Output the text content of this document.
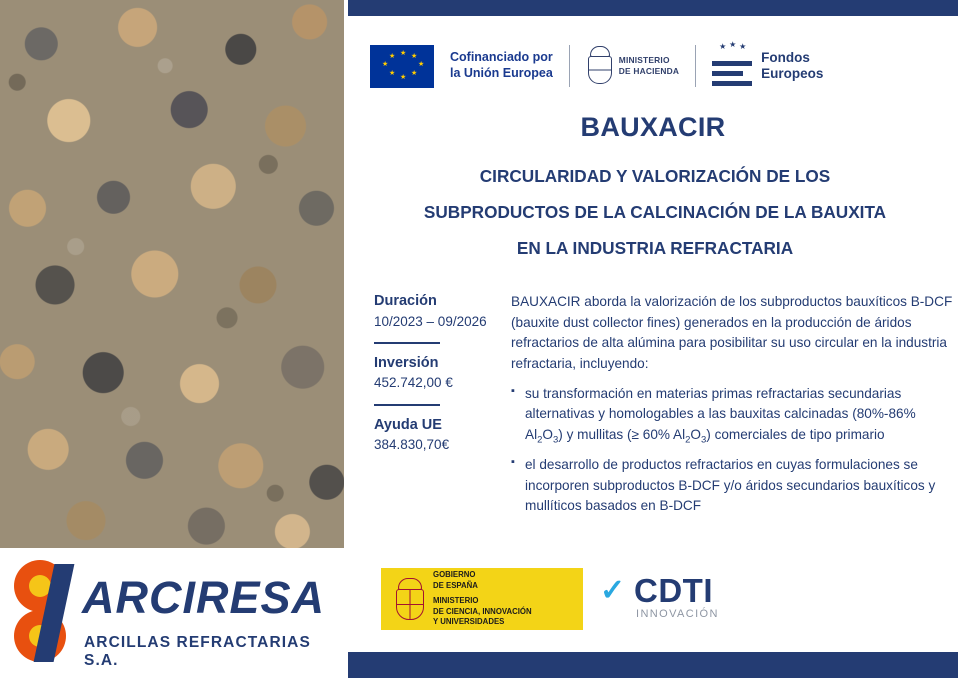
★ ★
★
★
★
★
★
★	Cofinanciado por
la Unión Europea
MINISTERIO
DE HACIENDA
★ ★ ★
Fondos
Europeos
BAUXACIR
CIRCULARIDAD Y VALORIZACIÓN DE LOS
SUBPRODUCTOS DE LA CALCINACIÓN DE LA BAUXITA
EN LA INDUSTRIA REFRACTARIA
Duración
10/2023 – 09/2026
Inversión
452.742,00 €
Ayuda UE
384.830,70€

BAUXACIR aborda la valorización de los subproductos bauxíticos B-DCF (bauxite dust collector fines) generados en la producción de áridos refractarios de alta alúmina para posibilitar su uso circular en la industria refractaria, incluyendo:

▪ su transformación en materias primas refractarias secundarias alternativas y homologables a las bauxitas calcinadas (80%-86% $Al_2O_3$) y mullitas (≥ 60% $Al_2O_3$) comerciales de tipo primario
▪ el desarrollo de productos refractarios en cuyas formulaciones se incorporen subproductos B-DCF y/o áridos secundarios bauxíticos y mullíticos basados en B-DCF
ARCIRESA
ARCILLAS REFRACTARIAS S.A.
GOBIERNO
DE ESPAÑA
MINISTERIO
DE CIENCIA, INNOVACIÓN
Y UNIVERSIDADES
✓ CDTI
INNOVACIÓN
